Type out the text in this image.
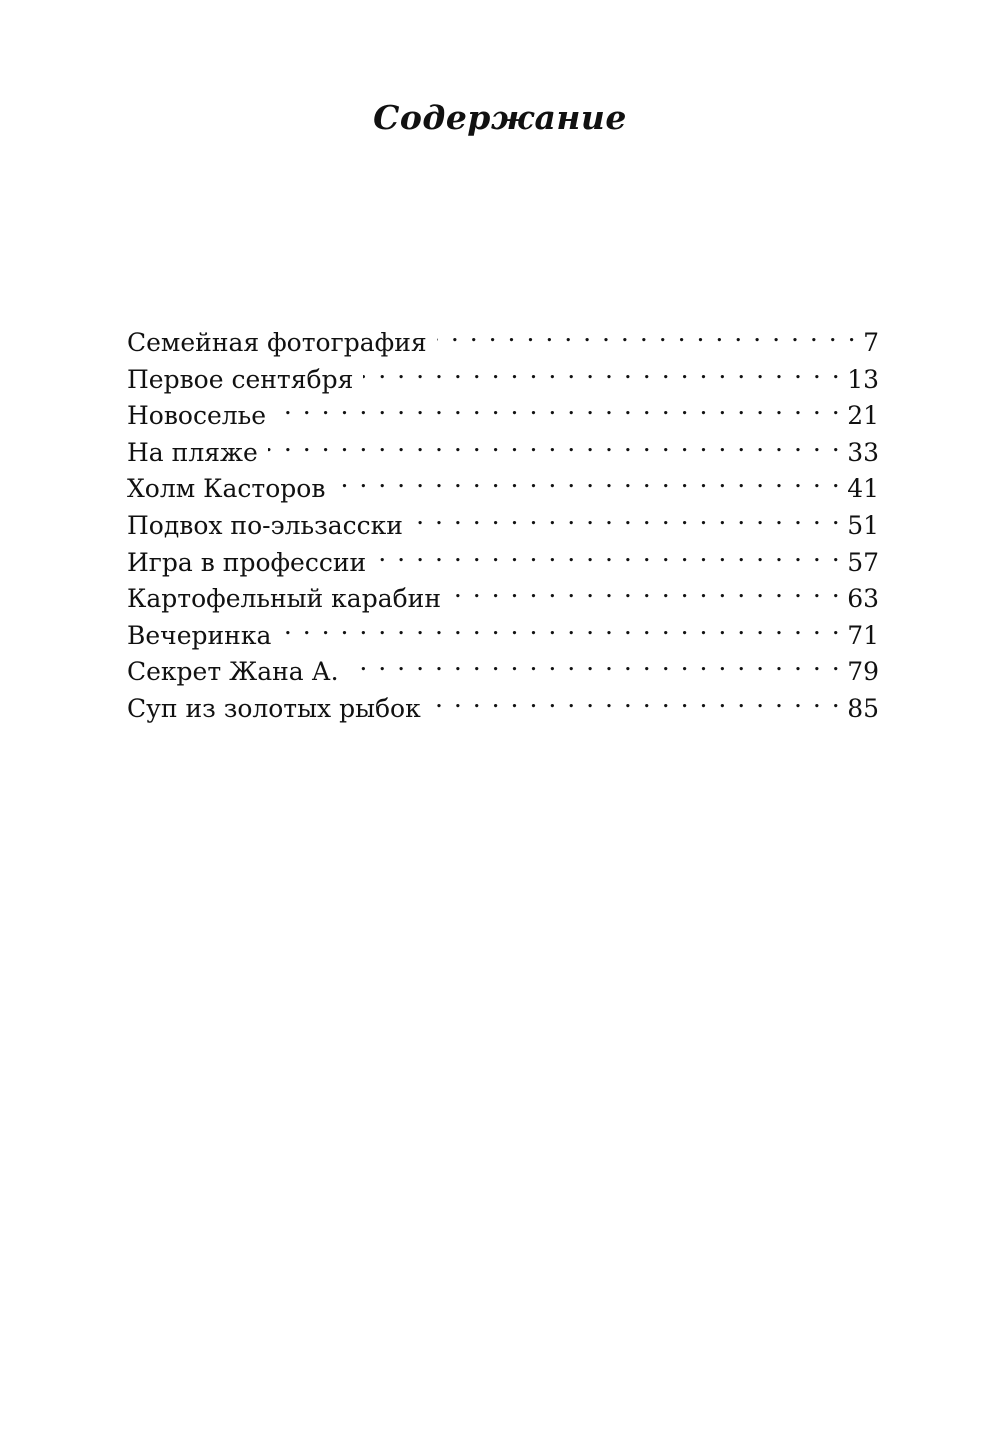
Содержание
Семейная фотография . . .	7
Первое сентября . . .	13
Новоселье . . .	21
На пляже . . .	33
Холм Касторов . . .	41
Подвох по-эльзасски . . .	51
Игра в профессии . . .	57
Картофельный карабин . . .	63
Вечеринка . . .	71
Секрет Жана А. . . .	79
Суп из золотых рыбок . . .	85
